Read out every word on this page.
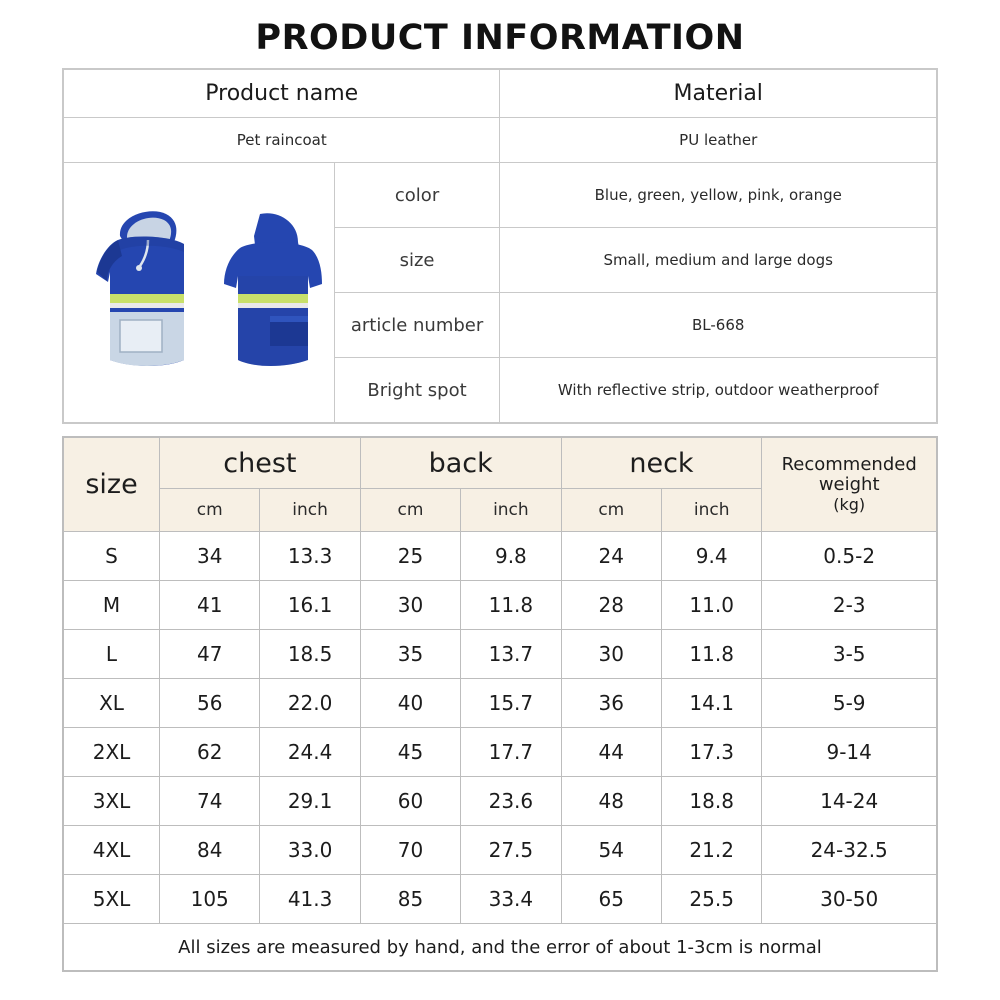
PRODUCT INFORMATION
Product name		Material
Pet raincoat		PU leather

	color	Blue, green, yellow, pink, orange
	size	Small, medium and large dogs
	article number	BL-668
	Bright spot	With reflective strip, outdoor weatherproof
size	chest		back		neck		Recommended weight
(kg)

	cm	inch	cm	inch	cm	inch	
S	34	13.3	25	9.8	24	9.4	0.5-2
M	41	16.1	30	11.8	28	11.0	2-3
L	47	18.5	35	13.7	30	11.8	3-5
XL	56	22.0	40	15.7	36	14.1	5-9
2XL	62	24.4	45	17.7	44	17.3	9-14
3XL	74	29.1	60	23.6	48	18.8	14-24
4XL	84	33.0	70	27.5	54	21.2	24-32.5
5XL	105	41.3	85	33.4	65	25.5	30-50
All sizes are measured by hand, and the error of about 1-3cm is normal							
